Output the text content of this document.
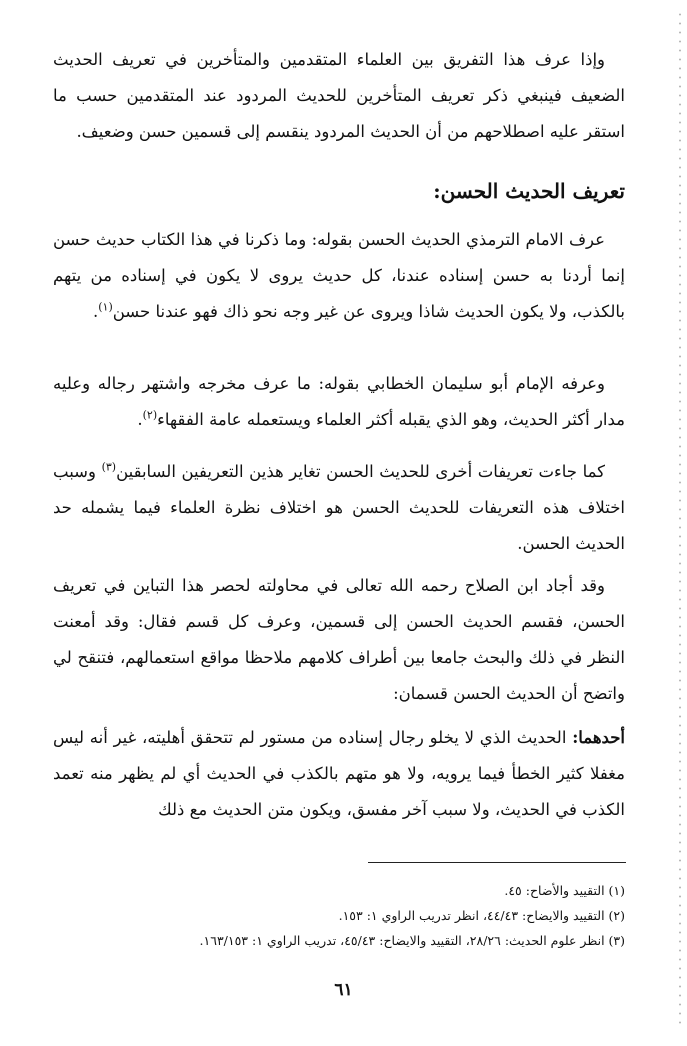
وإذا عرف هذا التفريق بين العلماء المتقدمين والمتأخرين في تعريف الحديث الضعيف فينبغي ذكر تعريف المتأخرين للحديث المردود عند المتقدمين حسب ما استقر عليه اصطلاحهم من أن الحديث المردود ينقسم إلى قسمين حسن وضعيف.

تعريف الحديث الحسن:

عرف الامام الترمذي الحديث الحسن بقوله: وما ذكرنا في هذا الكتاب حديث حسن إنما أردنا به حسن إسناده عندنا، كل حديث يروى لا يكون في إسناده من يتهم بالكذب، ولا يكون الحديث شاذا ويروى عن غير وجه نحو ذاك فهو عندنا حسن$^{(١)}$.

وعرفه الإمام أبو سليمان الخطابي بقوله: ما عرف مخرجه واشتهر رجاله وعليه مدار أكثر الحديث، وهو الذي يقبله أكثر العلماء ويستعمله عامة الفقهاء$^{(٢)}$.

كما جاءت تعريفات أخرى للحديث الحسن تغاير هذين التعريفين السابقين$^{(٣)}$ وسبب اختلاف هذه التعريفات للحديث الحسن هو اختلاف نظرة العلماء فيما يشمله حد الحديث الحسن.

وقد أجاد ابن الصلاح رحمه الله تعالى في محاولته لحصر هذا التباين في تعريف الحسن، فقسم الحديث الحسن إلى قسمين، وعرف كل قسم فقال: وقد أمعنت النظر في ذلك والبحث جامعا بين أطراف كلامهم ملاحظا مواقع استعمالهم، فتنقح لي واتضح أن الحديث الحسن قسمان:

أحدهما: الحديث الذي لا يخلو رجال إسناده من مستور لم تتحقق أهليته، غير أنه ليس مغفلا كثير الخطأ فيما يرويه، ولا هو متهم بالكذب في الحديث أي لم يظهر منه تعمد الكذب في الحديث، ولا سبب آخر مفسق، ويكون متن الحديث مع ذلك

(١) التقييد والأضاح: ٤٥.
(٢) التقييد والايضاح: ٤٤/٤٣، انظر تدريب الراوي ١: ١٥٣.
(٣) انظر علوم الحديث: ٢٨/٢٦، التقييد والايضاح: ٤٥/٤٣، تدريب الراوي ١: ١٦٣/١٥٣.
٦١
